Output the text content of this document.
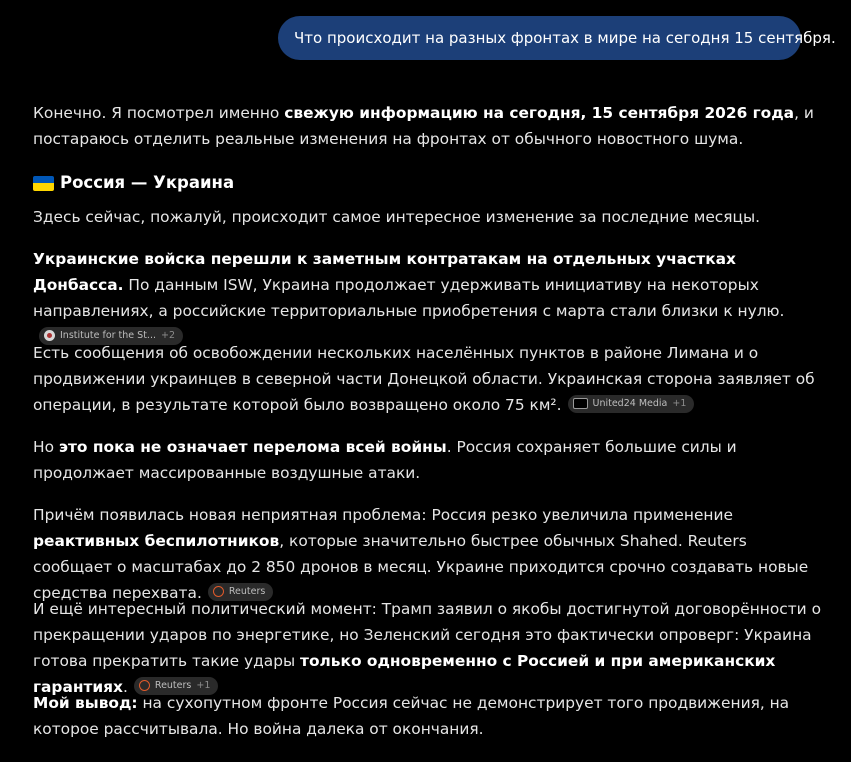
Что происходит на разных фронтах в мире на сегодня 15 сентября.

Конечно. Я посмотрел именно свежую информацию на сегодня, 15 сентября 2026 года, и постараюсь отделить реальные изменения на фронтах от обычного новостного шума.

Россия — Украина

Здесь сейчас, пожалуй, происходит самое интересное изменение за последние месяцы.

Украинские войска перешли к заметным контратакам на отдельных участках Донбасса. По данным ISW, Украина продолжает удерживать инициативу на некоторых направлениях, а российские территориальные приобретения с марта стали близки к нулю.
Institute for the St... +2

Есть сообщения об освобождении нескольких населённых пунктов в районе Лимана и о продвижении украинцев в северной части Донецкой области. Украинская сторона заявляет об операции, в результате которой было возвращено около 75 км².	United24 Media +1

Но это пока не означает перелома всей войны. Россия сохраняет большие силы и продолжает массированные воздушные атаки.

Причём появилась новая неприятная проблема: Россия резко увеличила применение реактивных беспилотников, которые значительно быстрее обычных Shahed. Reuters сообщает о масштабах до 2 850 дронов в месяц. Украине приходится срочно создавать новые средства перехвата.	Reuters

И ещё интересный политический момент: Трамп заявил о якобы достигнутой договорённости о прекращении ударов по энергетике, но Зеленский сегодня это фактически опроверг: Украина готова прекратить такие удары только одновременно с Россией и при американских гарантиях.	Reuters +1

Мой вывод: на сухопутном фронте Россия сейчас не демонстрирует того продвижения, на которое рассчитывала. Но война далека от окончания.
